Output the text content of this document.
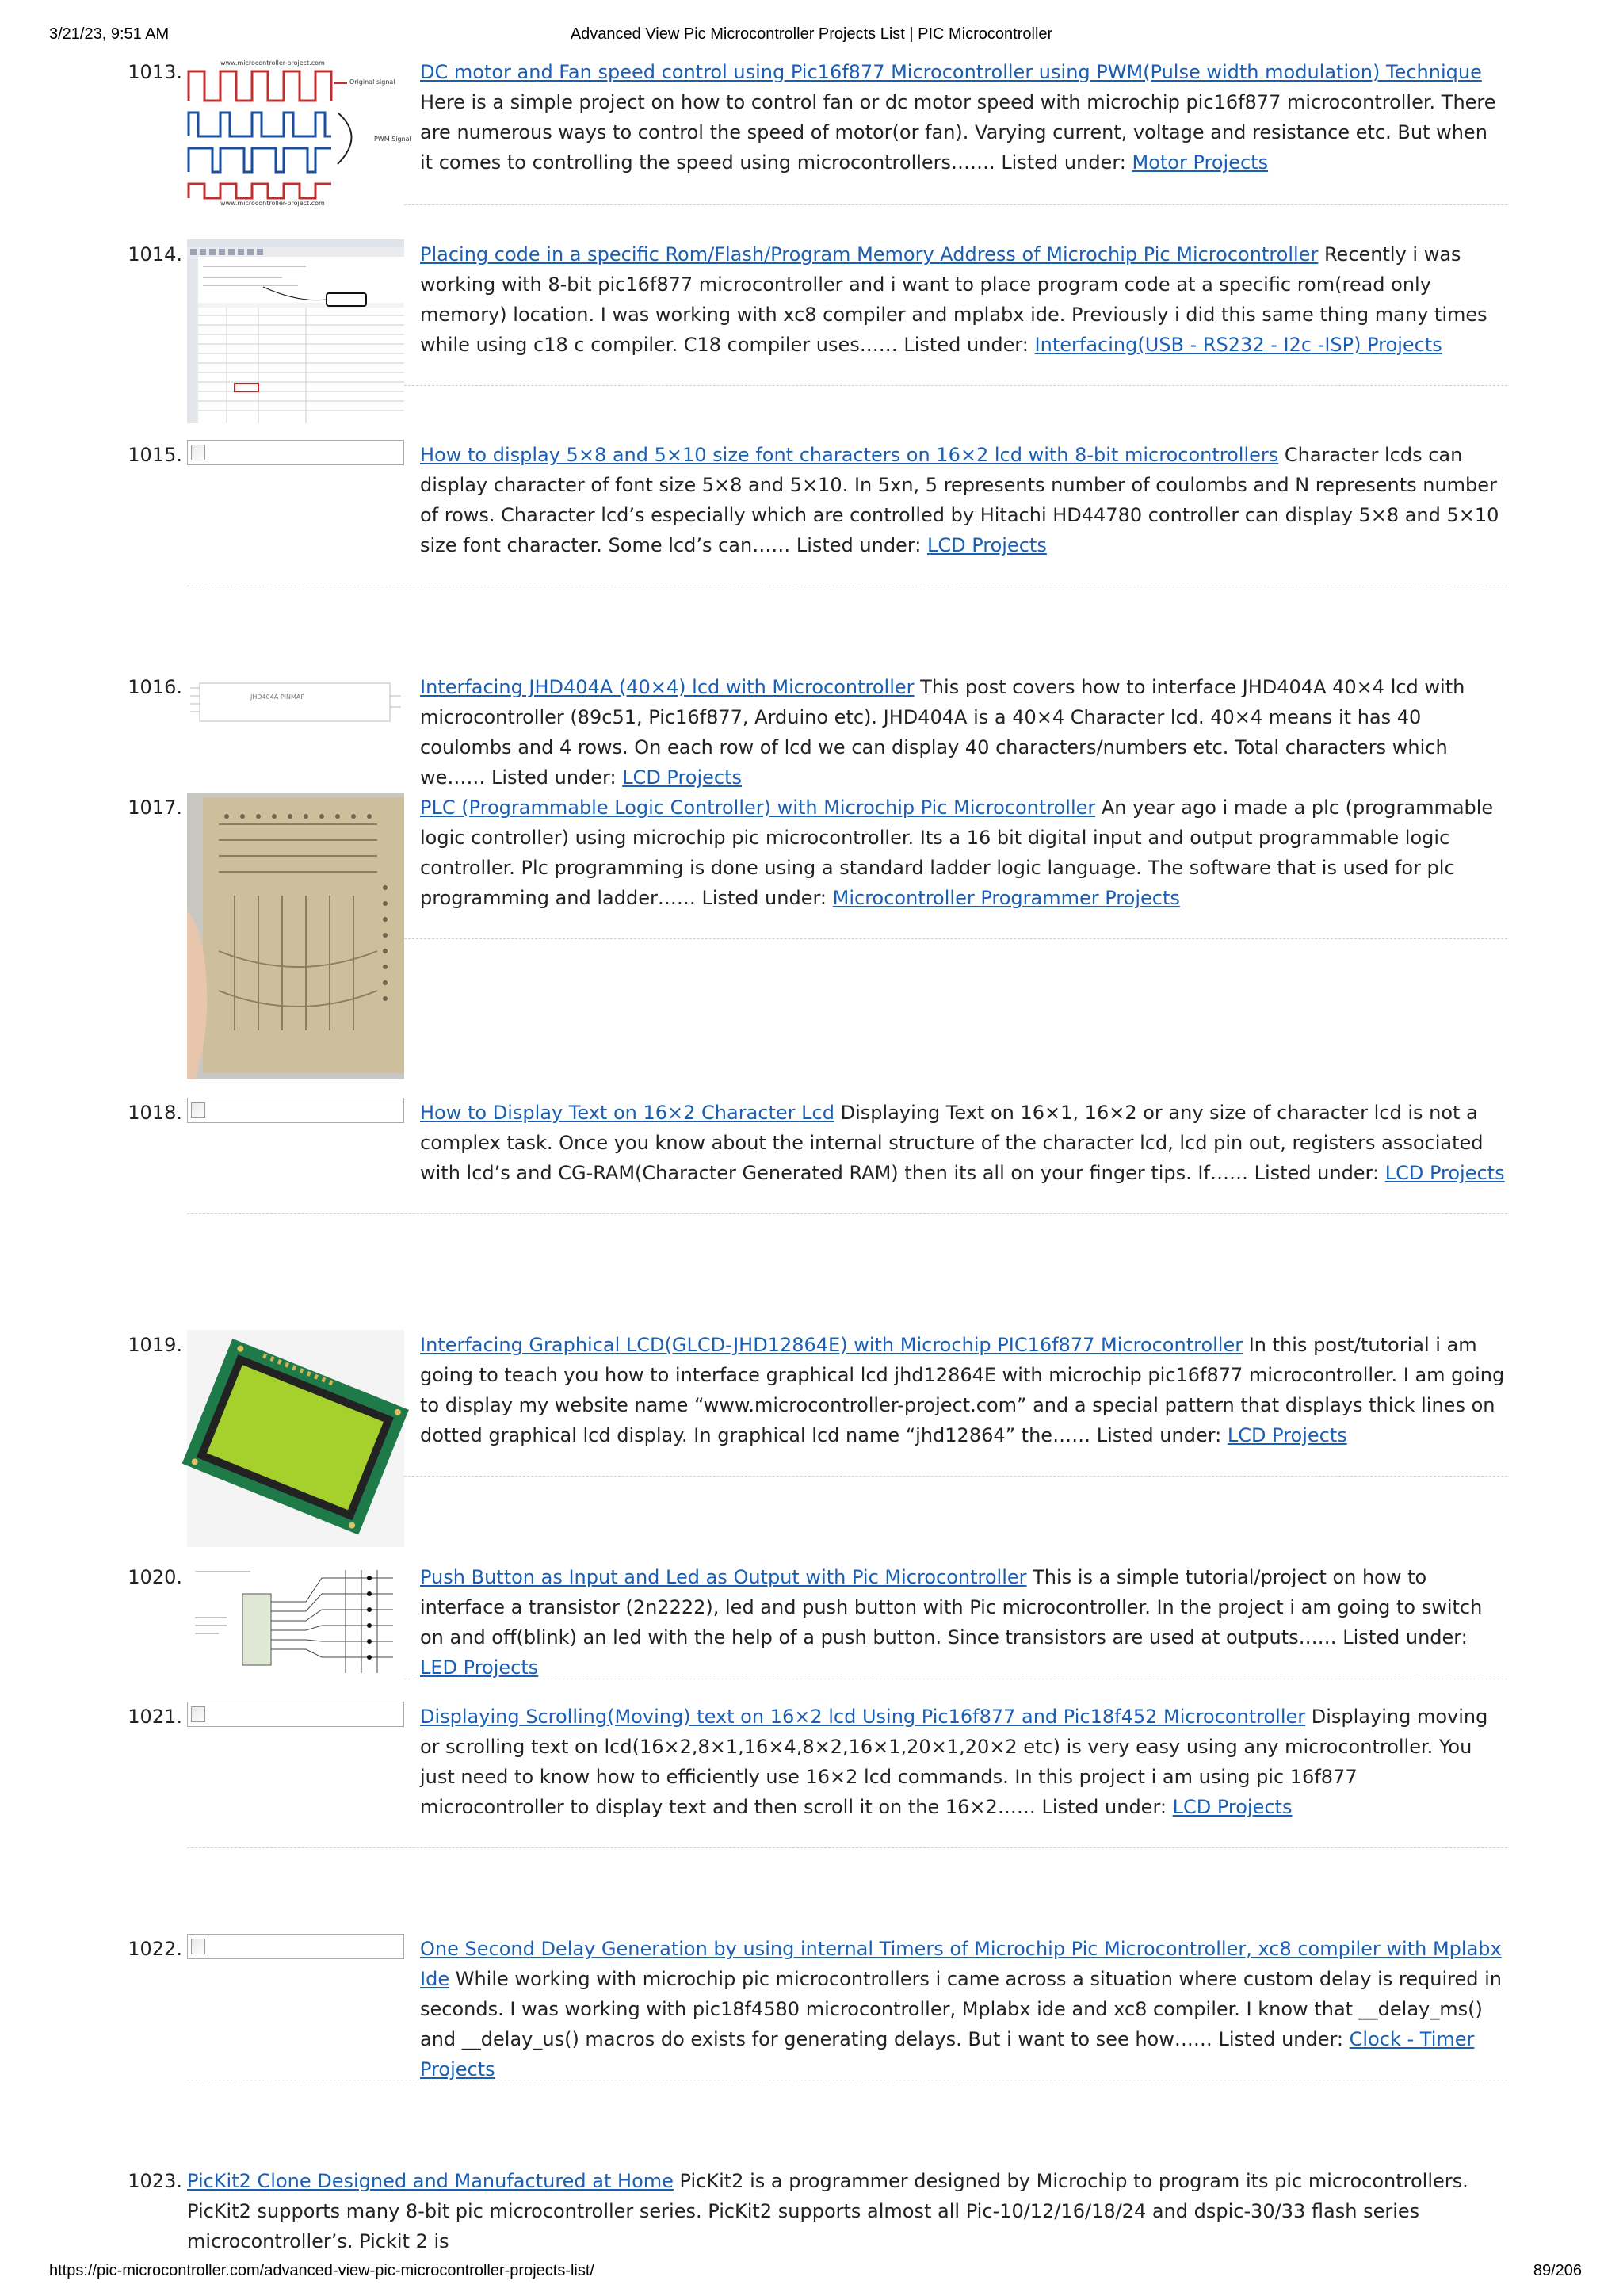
3/21/23, 9:51 AM	Advanced View Pic Microcontroller Projects List | PIC Microcontroller
1013.	www.microcontroller-project.com
Original signal
PWM Signal
www.microcontroller-project.com
DC motor and Fan speed control using Pic16f877 Microcontroller using PWM(Pulse width modulation) Technique Here is a simple project on how to control fan or dc motor speed with microchip pic16f877 microcontroller. There are numerous ways to control the speed of motor(or fan). Varying current, voltage and resistance etc. But when it comes to controlling the speed using microcontrollers……. Listed under: Motor Projects
1014.	Placing code in a specific Rom/Flash/Program Memory Address of Microchip Pic Microcontroller Recently i was working with 8-bit pic16f877 microcontroller and i want to place program code at a specific rom(read only memory) location. I was working with xc8 compiler and mplabx ide. Previously i did this same thing many times while using c18 c compiler. C18 compiler uses…… Listed under: Interfacing(USB - RS232 - I2c -ISP) Projects
1015.	How to display 5×8 and 5×10 size font characters on 16×2 lcd with 8-bit microcontrollers Character lcds can display character of font size 5×8 and 5×10. In 5xn, 5 represents number of coulombs and N represents number of rows. Character lcd’s especially which are controlled by Hitachi HD44780 controller can display 5×8 and 5×10 size font character. Some lcd’s can…… Listed under: LCD Projects
1016.	JHD404A PINMAP	Interfacing JHD404A (40×4) lcd with Microcontroller This post covers how to interface JHD404A 40×4 lcd with microcontroller (89c51, Pic16f877, Arduino etc). JHD404A is a 40×4 Character lcd. 40×4 means it has 40 coulombs and 4 rows. On each row of lcd we can display 40 characters/numbers etc. Total characters which we…… Listed under: LCD Projects
1017.	PLC (Programmable Logic Controller) with Microchip Pic Microcontroller An year ago i made a plc (programmable logic controller) using microchip pic microcontroller. Its a 16 bit digital input and output programmable logic controller. Plc programming is done using a standard ladder logic language. The software that is used for plc programming and ladder…… Listed under: Microcontroller Programmer Projects
1018.	How to Display Text on 16×2 Character Lcd Displaying Text on 16×1, 16×2 or any size of character lcd is not a complex task. Once you know about the internal structure of the character lcd, lcd pin out, registers associated with lcd’s and CG-RAM(Character Generated RAM) then its all on your finger tips. If…… Listed under: LCD Projects
1019.	Interfacing Graphical LCD(GLCD-JHD12864E) with Microchip PIC16f877 Microcontroller In this post/tutorial i am going to teach you how to interface graphical lcd jhd12864E with microchip pic16f877 microcontroller. I am going to display my website name “www.microcontroller-project.com” and a special pattern that displays thick lines on dotted graphical lcd display. In graphical lcd name “jhd12864” the…… Listed under: LCD Projects
1020.	Push Button as Input and Led as Output with Pic Microcontroller This is a simple tutorial/project on how to interface a transistor (2n2222), led and push button with Pic microcontroller. In the project i am going to switch on and off(blink) an led with the help of a push button. Since transistors are used at outputs…… Listed under: LED Projects
1021.	Displaying Scrolling(Moving) text on 16×2 lcd Using Pic16f877 and Pic18f452 Microcontroller Displaying moving or scrolling text on lcd(16×2,8×1,16×4,8×2,16×1,20×1,20×2 etc) is very easy using any microcontroller. You just need to know how to efficiently use 16×2 lcd commands. In this project i am using pic 16f877 microcontroller to display text and then scroll it on the 16×2…… Listed under: LCD Projects
1022.	One Second Delay Generation by using internal Timers of Microchip Pic Microcontroller, xc8 compiler with Mplabx Ide While working with microchip pic microcontrollers i came across a situation where custom delay is required in seconds. I was working with pic18f4580 microcontroller, Mplabx ide and xc8 compiler. I know that __delay_ms() and __delay_us() macros do exists for generating delays. But i want to see how…… Listed under: Clock - Timer Projects
1023. PicKit2 Clone Designed and Manufactured at Home PicKit2 is a programmer designed by Microchip to program its pic microcontrollers. PicKit2 supports many 8-bit pic microcontroller series. PicKit2 supports almost all Pic-10/12/16/18/24 and dspic-30/33 flash series microcontroller’s. Pickit 2 is
https://pic-microcontroller.com/advanced-view-pic-microcontroller-projects-list/	89/206
